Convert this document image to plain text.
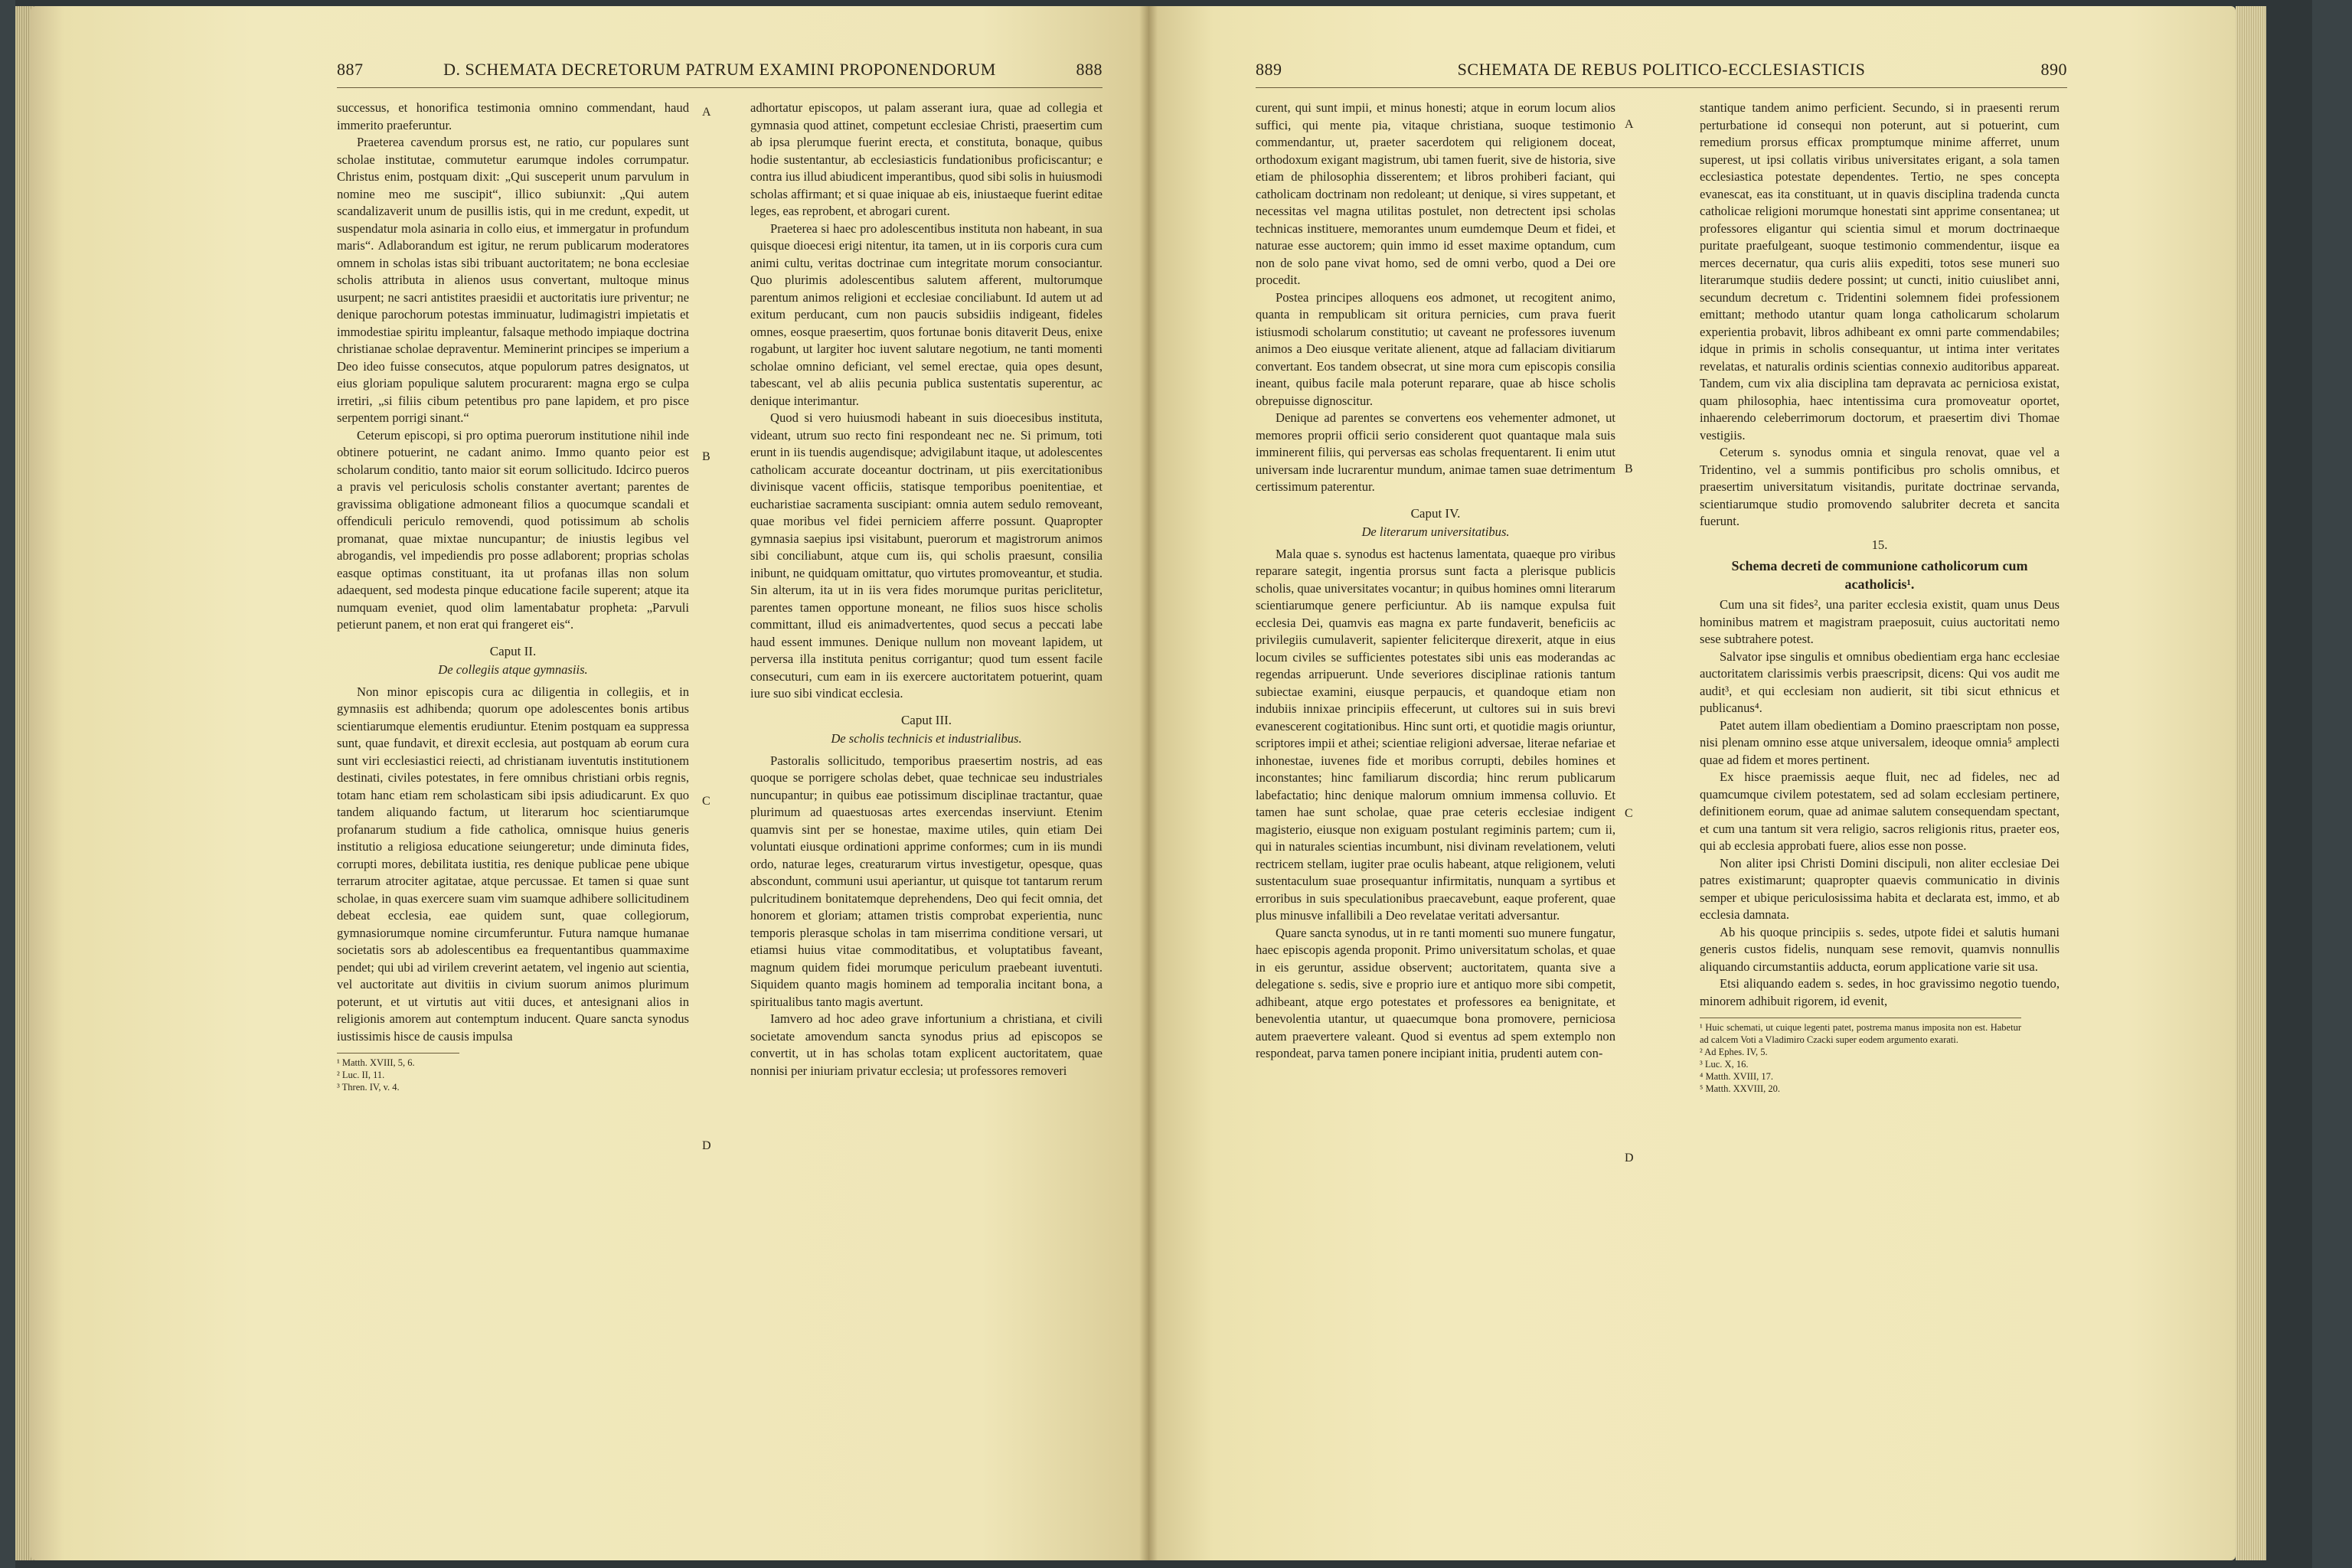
887	D. SCHEMATA DECRETORUM PATRUM EXAMINI PROPONENDORUM	888

successus, et honorifica testimonia omnino commendant, haud immerito praeferuntur.

Praeterea cavendum prorsus est, ne ratio, cur populares sunt scholae institutae, commutetur earumque indoles corrumpatur. Christus enim, postquam dixit: „Qui susceperit unum parvulum in nomine meo me suscipit“, illico subiunxit: „Qui autem scandalizaverit unum de pusillis istis, qui in me credunt, expedit, ut suspendatur mola asinaria in collo eius, et immergatur in profundum maris“. Adlaborandum est igitur, ne rerum publicarum moderatores omnem in scholas istas sibi tribuant auctoritatem; ne bona ecclesiae scholis attributa in alienos usus convertant, multoque minus usurpent; ne sacri antistites praesidii et auctoritatis iure priventur; ne denique parochorum potestas imminuatur, ludimagistri impietatis et immodestiae spiritu impleantur, falsaque methodo impiaque doctrina christianae scholae depraventur. Meminerint principes se imperium a Deo ideo fuisse consecutos, atque populorum patres designatos, ut eius gloriam populique salutem procurarent: magna ergo se culpa irretiri, „si filiis cibum petentibus pro pane lapidem, et pro pisce serpentem porrigi sinant.“

Ceterum episcopi, si pro optima puerorum institutione nihil inde obtinere potuerint, ne cadant animo. Immo quanto peior est scholarum conditio, tanto maior sit eorum sollicitudo. Idcirco pueros a pravis vel periculosis scholis constanter avertant; parentes de gravissima obligatione admoneant filios a quocumque scandali et offendiculi periculo removendi, quod potissimum ab scholis promanat, quae mixtae nuncupantur; de iniustis legibus vel abrogandis, vel impediendis pro posse adlaborent; proprias scholas easque optimas constituant, ita ut profanas illas non solum adaequent, sed modesta pinque educatione facile superent; atque ita numquam eveniet, quod olim lamentabatur propheta: „Parvuli petierunt panem, et non erat qui frangeret eis“.

Caput II.
De collegiis atque gymnasiis.

Non minor episcopis cura ac diligentia in collegiis, et in gymnasiis est adhibenda; quorum ope adolescentes bonis artibus scientiarumque elementis erudiuntur. Etenim postquam ea suppressa sunt, quae fundavit, et direxit ecclesia, aut postquam ab eorum cura sunt viri ecclesiastici reiecti, ad christianam iuventutis institutionem destinati, civiles potestates, in fere omnibus christiani orbis regnis, totam hanc etiam rem scholasticam sibi ipsis adiudicarunt. Ex quo tandem aliquando factum, ut literarum hoc scientiarumque profanarum studium a fide catholica, omnisque huius generis institutio a religiosa educatione seiungeretur; unde diminuta fides, corrupti mores, debilitata iustitia, res denique publicae pene ubique terrarum atrociter agitatae, atque percussae. Et tamen si quae sunt scholae, in quas exercere suam vim suamque adhibere sollicitudinem debeat ecclesia, eae quidem sunt, quae collegiorum, gymnasiorumque nomine circumferuntur. Futura namque humanae societatis sors ab adolescentibus ea frequentantibus quammaxime pendet; qui ubi ad virilem creverint aetatem, vel ingenio aut scientia, vel auctoritate aut divitiis in civium suorum animos plurimum poterunt, et ut virtutis aut vitii duces, et antesignani alios in religionis amorem aut contemptum inducent. Quare sancta synodus iustissimis hisce de causis impulsa

¹ Matth. XVIII, 5, 6.
² Luc. II, 11.
³ Thren. IV, v. 4.

adhortatur episcopos, ut palam asserant iura, quae ad collegia et gymnasia quod attinet, competunt ecclesiae Christi, praesertim cum ab ipsa plerumque fuerint erecta, et constituta, bonaque, quibus hodie sustentantur, ab ecclesiasticis fundationibus proficiscantur; e contra ius illud abiudicent imperantibus, quod sibi solis in huiusmodi scholas affirmant; et si quae iniquae ab eis, iniustaeque fuerint editae leges, eas reprobent, et abrogari curent.

Praeterea si haec pro adolescentibus instituta non habeant, in sua quisque dioecesi erigi nitentur, ita tamen, ut in iis corporis cura cum animi cultu, veritas doctrinae cum integritate morum consociantur. Quo plurimis adolescentibus salutem afferent, multorumque parentum animos religioni et ecclesiae conciliabunt. Id autem ut ad exitum perducant, cum non paucis subsidiis indigeant, fideles omnes, eosque praesertim, quos fortunae bonis ditaverit Deus, enixe rogabunt, ut largiter hoc iuvent salutare negotium, ne tanti momenti scholae omnino deficiant, vel semel erectae, quia opes desunt, tabescant, vel ab aliis pecunia publica sustentatis superentur, ac denique interimantur.

Quod si vero huiusmodi habeant in suis dioecesibus instituta, videant, utrum suo recto fini respondeant nec ne. Si primum, toti erunt in iis tuendis augendisque; advigilabunt itaque, ut adolescentes catholicam accurate doceantur doctrinam, ut piis exercitationibus divinisque vacent officiis, statisque temporibus poenitentiae, et eucharistiae sacramenta suscipiant: omnia autem sedulo removeant, quae moribus vel fidei perniciem afferre possunt. Quapropter gymnasia saepius ipsi visitabunt, puerorum et magistrorum animos sibi conciliabunt, atque cum iis, qui scholis praesunt, consilia inibunt, ne quidquam omittatur, quo virtutes promoveantur, et studia. Sin alterum, ita ut in iis vera fides morumque puritas periclitetur, parentes tamen opportune moneant, ne filios suos hisce scholis committant, illud eis animadvertentes, quod secus a peccati labe haud essent immunes. Denique nullum non moveant lapidem, ut perversa illa instituta penitus corrigantur; quod tum essent facile consecuturi, cum eam in iis exercere auctoritatem potuerint, quam iure suo sibi vindicat ecclesia.

Caput III.
De scholis technicis et industrialibus.

Pastoralis sollicitudo, temporibus praesertim nostris, ad eas quoque se porrigere scholas debet, quae technicae seu industriales nuncupantur; in quibus eae potissimum disciplinae tractantur, quae plurimum ad quaestuosas artes exercendas inserviunt. Etenim quamvis sint per se honestae, maxime utiles, quin etiam Dei voluntati eiusque ordinationi apprime conformes; cum in iis mundi ordo, naturae leges, creaturarum virtus investigetur, opesque, quas abscondunt, communi usui aperiantur, ut quisque tot tantarum rerum pulcritudinem bonitatemque deprehendens, Deo qui fecit omnia, det honorem et gloriam; attamen tristis comprobat experientia, nunc temporis plerasque scholas in tam miserrima conditione versari, ut etiamsi huius vitae commoditatibus, et voluptatibus faveant, magnum quidem fidei morumque periculum praebeant iuventuti. Siquidem quanto magis hominem ad temporalia incitant bona, a spiritualibus tanto magis avertunt.

Iamvero ad hoc adeo grave infortunium a christiana, et civili societate amovendum sancta synodus prius ad episcopos se convertit, ut in has scholas totam explicent auctoritatem, quae nonnisi per iniuriam privatur ecclesia; ut professores removeri

A
B
C
D
889	SCHEMATA DE REBUS POLITICO-ECCLESIASTICIS	890

curent, qui sunt impii, et minus honesti; atque in eorum locum alios suffici, qui mente pia, vitaque christiana, suoque testimonio commendantur, ut, praeter sacerdotem qui religionem doceat, orthodoxum exigant magistrum, ubi tamen fuerit, sive de historia, sive etiam de philosophia disserentem; et libros prohiberi faciant, qui catholicam doctrinam non redoleant; ut denique, si vires suppetant, et necessitas vel magna utilitas postulet, non detrectent ipsi scholas technicas instituere, memorantes unum eumdemque Deum et fidei, et naturae esse auctorem; quin immo id esset maxime optandum, cum non de solo pane vivat homo, sed de omni verbo, quod a Dei ore procedit.

Postea principes alloquens eos admonet, ut recogitent animo, quanta in rempublicam sit oritura pernicies, cum prava fuerit istiusmodi scholarum constitutio; ut caveant ne professores iuvenum animos a Deo eiusque veritate alienent, atque ad fallaciam divitiarum convertant. Eos tandem obsecrat, ut sine mora cum episcopis consilia ineant, quibus facile mala poterunt reparare, quae ab hisce scholis obrepuisse dignoscitur.

Denique ad parentes se convertens eos vehementer admonet, ut memores proprii officii serio considerent quot quantaque mala suis imminerent filiis, qui perversas eas scholas frequentarent. Ii enim utut universam inde lucrarentur mundum, animae tamen suae detrimentum certissimum paterentur.

Caput IV.
De literarum universitatibus.

Mala quae s. synodus est hactenus lamentata, quaeque pro viribus reparare sategit, ingentia prorsus sunt facta a plerisque publicis scholis, quae universitates vocantur; in quibus homines omni literarum scientiarumque genere perficiuntur. Ab iis namque expulsa fuit ecclesia Dei, quamvis eas magna ex parte fundaverit, beneficiis ac privilegiis cumulaverit, sapienter feliciterque direxerit, atque in eius locum civiles se sufficientes potestates sibi unis eas moderandas ac regendas arripuerunt. Unde severiores disciplinae rationis tantum subiectae examini, eiusque perpaucis, et quandoque etiam non indubiis innixae principiis effecerunt, ut cultores sui in suis brevi evanescerent cogitationibus. Hinc sunt orti, et quotidie magis oriuntur, scriptores impii et athei; scientiae religioni adversae, literae nefariae et inhonestae, iuvenes fide et moribus corrupti, debiles homines et inconstantes; hinc familiarum discordia; hinc rerum publicarum labefactatio; hinc denique malorum omnium immensa colluvio. Et tamen hae sunt scholae, quae prae ceteris ecclesiae indigent magisterio, eiusque non exiguam postulant regiminis partem; cum ii, qui in naturales scientias incumbunt, nisi divinam revelationem, veluti rectricem stellam, iugiter prae oculis habeant, atque religionem, veluti sustentaculum suae prosequantur infirmitatis, nunquam a syrtibus et erroribus in suis speculationibus praecavebunt, eaque proferent, quae plus minusve infallibili a Deo revelatae veritati adversantur.

Quare sancta synodus, ut in re tanti momenti suo munere fungatur, haec episcopis agenda proponit. Primo universitatum scholas, et quae in eis geruntur, assidue observent; auctoritatem, quanta sive a delegatione s. sedis, sive e proprio iure et antiquo more sibi competit, adhibeant, atque ergo potestates et professores ea benignitate, et benevolentia utantur, ut quaecumque bona promovere, perniciosa autem praevertere valeant. Quod si eventus ad spem extemplo non respondeat, parva tamen ponere incipiant initia, prudenti autem con-

stantique tandem animo perficient. Secundo, si in praesenti rerum perturbatione id consequi non poterunt, aut si potuerint, cum remedium prorsus efficax promptumque minime afferret, unum superest, ut ipsi collatis viribus universitates erigant, a sola tamen ecclesiastica potestate dependentes. Tertio, ne spes concepta evanescat, eas ita constituant, ut in quavis disciplina tradenda cuncta catholicae religioni morumque honestati sint apprime consentanea; ut professores eligantur qui scientia simul et morum doctrinaeque puritate praefulgeant, suoque testimonio commendentur, iisque ea merces decernatur, qua curis aliis expediti, totos sese muneri suo literarumque studiis dedere possint; ut cuncti, initio cuiuslibet anni, secundum decretum c. Tridentini solemnem fidei professionem emittant; methodo utantur quam longa catholicarum scholarum experientia probavit, libros adhibeant ex omni parte commendabiles; idque in primis in scholis consequantur, ut intima inter veritates revelatas, et naturalis ordinis scientias connexio auditoribus appareat. Tandem, cum vix alia disciplina tam depravata ac perniciosa existat, quam philosophia, haec intentissima cura promoveatur oportet, inhaerendo celeberrimorum doctorum, et praesertim divi Thomae vestigiis.

Ceterum s. synodus omnia et singula renovat, quae vel a Tridentino, vel a summis pontificibus pro scholis omnibus, et praesertim universitatum visitandis, puritate doctrinae servanda, scientiarumque studio promovendo salubriter decreta et sancita fuerunt.

15.
Schema decreti de communione catholicorum cum acatholicis¹.

Cum una sit fides², una pariter ecclesia existit, quam unus Deus hominibus matrem et magistram praeposuit, cuius auctoritati nemo sese subtrahere potest.

Salvator ipse singulis et omnibus obedientiam erga hanc ecclesiae auctoritatem clarissimis verbis praescripsit, dicens: Qui vos audit me audit³, et qui ecclesiam non audierit, sit tibi sicut ethnicus et publicanus⁴.

Patet autem illam obedientiam a Domino praescriptam non posse, nisi plenam omnino esse atque universalem, ideoque omnia⁵ amplecti quae ad fidem et mores pertinent.

Ex hisce praemissis aeque fluit, nec ad fideles, nec ad quamcumque civilem potestatem, sed ad solam ecclesiam pertinere, definitionem eorum, quae ad animae salutem consequendam spectant, et cum una tantum sit vera religio, sacros religionis ritus, praeter eos, qui ab ecclesia approbati fuere, alios esse non posse.

Non aliter ipsi Christi Domini discipuli, non aliter ecclesiae Dei patres existimarunt; quapropter quaevis communicatio in divinis semper et ubique periculosissima habita et declarata est, immo, et ab ecclesia damnata.

Ab his quoque principiis s. sedes, utpote fidei et salutis humani generis custos fidelis, nunquam sese removit, quamvis nonnullis aliquando circumstantiis adducta, eorum applicatione varie sit usa.

Etsi aliquando eadem s. sedes, in hoc gravissimo negotio tuendo, minorem adhibuit rigorem, id evenit,

¹ Huic schemati, ut cuique legenti patet, postrema manus imposita non est. Habetur ad calcem Voti a Vladimiro Czacki super eodem argumento exarati.
² Ad Ephes. IV, 5.
³ Luc. X, 16.
⁴ Matth. XVIII, 17.
⁵ Matth. XXVIII, 20.
A
B
C
D
